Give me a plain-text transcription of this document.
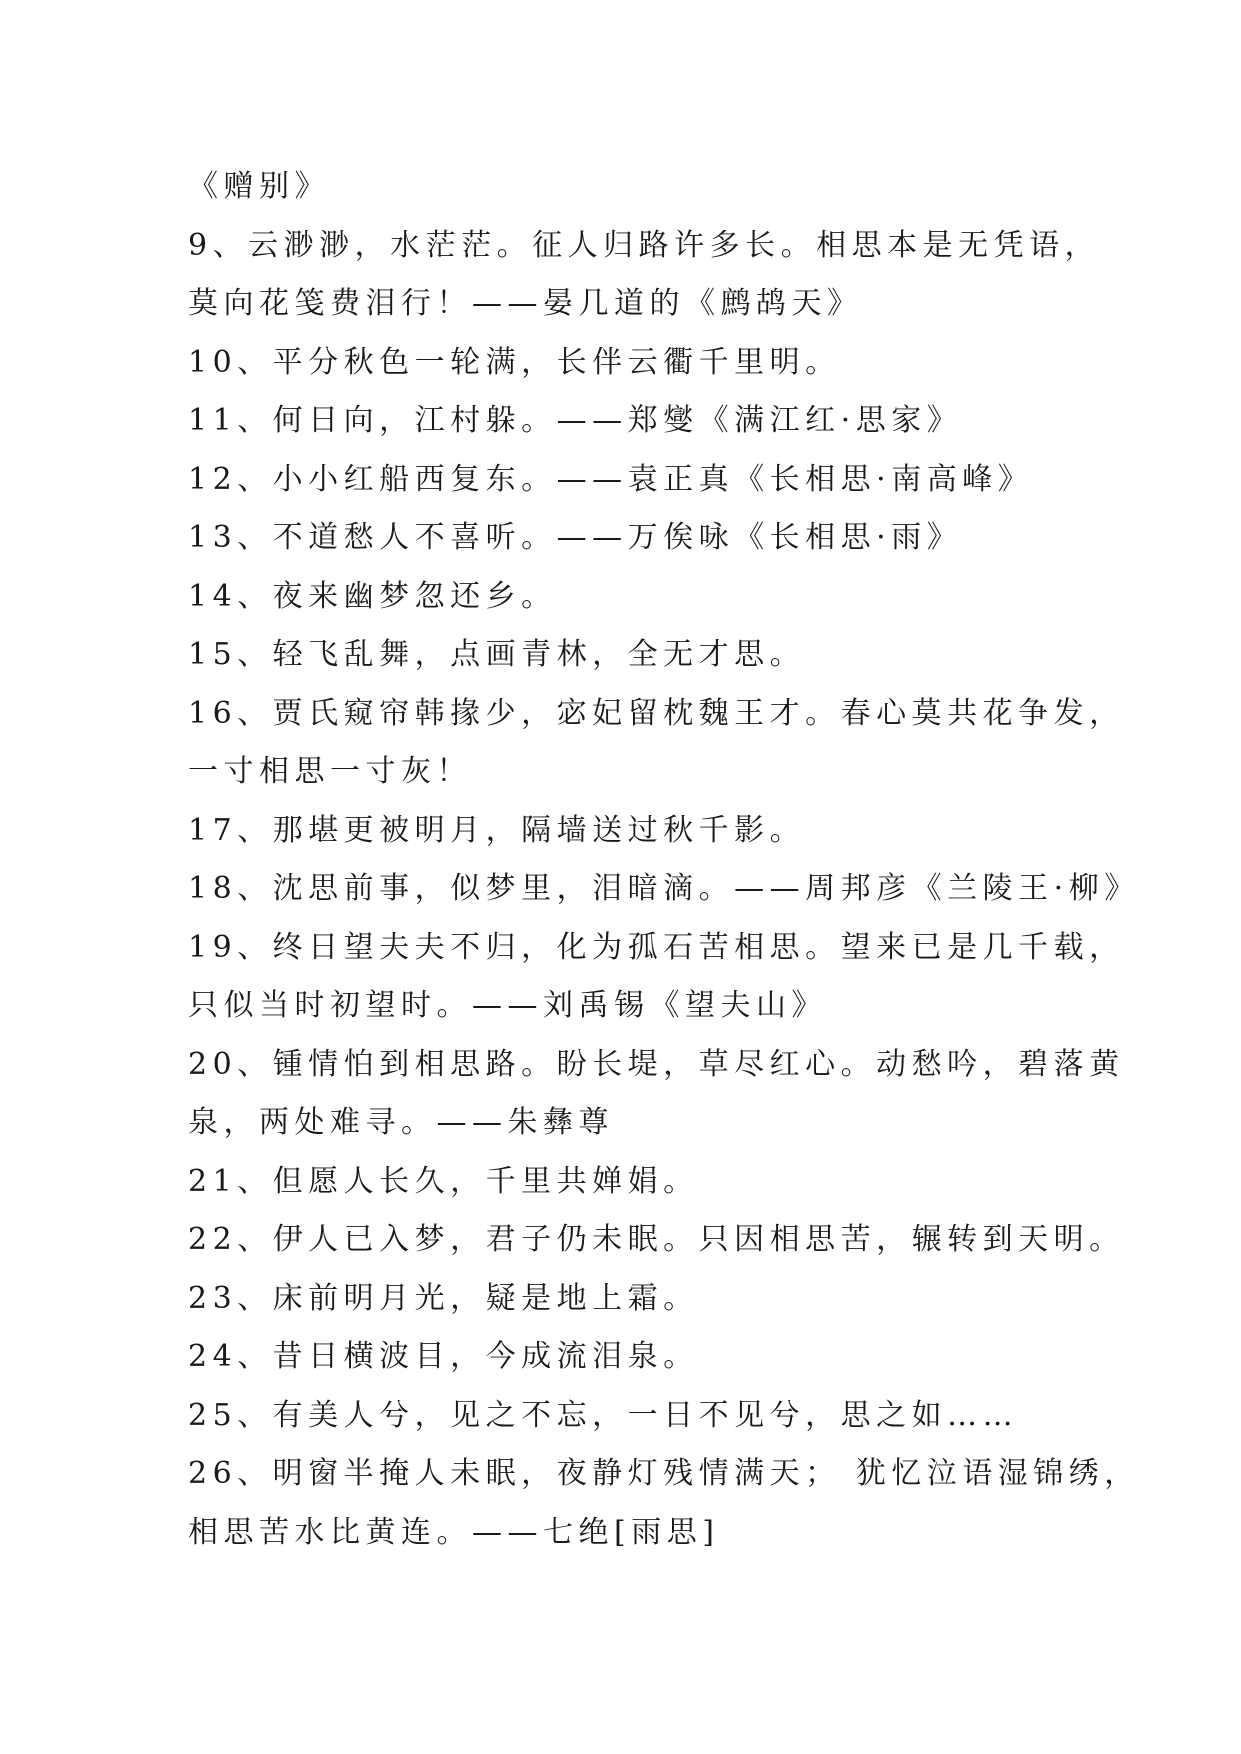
《赠别》
9、云渺渺，水茫茫。征人归路许多长。相思本是无凭语，
莫向花笺费泪行！——晏几道的《鹧鸪天》
10、平分秋色一轮满，长伴云衢千里明。
11、何日向，江村躲。——郑燮《满江红·思家》
12、小小红船西复东。——袁正真《长相思·南高峰》
13、不道愁人不喜听。——万俟咏《长相思·雨》
14、夜来幽梦忽还乡。
15、轻飞乱舞，点画青林，全无才思。
16、贾氏窥帘韩掾少，宓妃留枕魏王才。春心莫共花争发，
一寸相思一寸灰！
17、那堪更被明月，隔墙送过秋千影。
18、沈思前事，似梦里，泪暗滴。——周邦彦《兰陵王·柳》
19、终日望夫夫不归，化为孤石苦相思。望来已是几千载，
只似当时初望时。——刘禹锡《望夫山》
20、锺情怕到相思路。盼长堤，草尽红心。动愁吟，碧落黄
泉，两处难寻。——朱彝尊
21、但愿人长久，千里共婵娟。
22、伊人已入梦，君子仍未眠。只因相思苦，辗转到天明。
23、床前明月光，疑是地上霜。
24、昔日横波目，今成流泪泉。
25、有美人兮，见之不忘，一日不见兮，思之如……
26、明窗半掩人未眠，夜静灯残情满天； 犹忆泣语湿锦绣，
相思苦水比黄连。——七绝[雨思]
